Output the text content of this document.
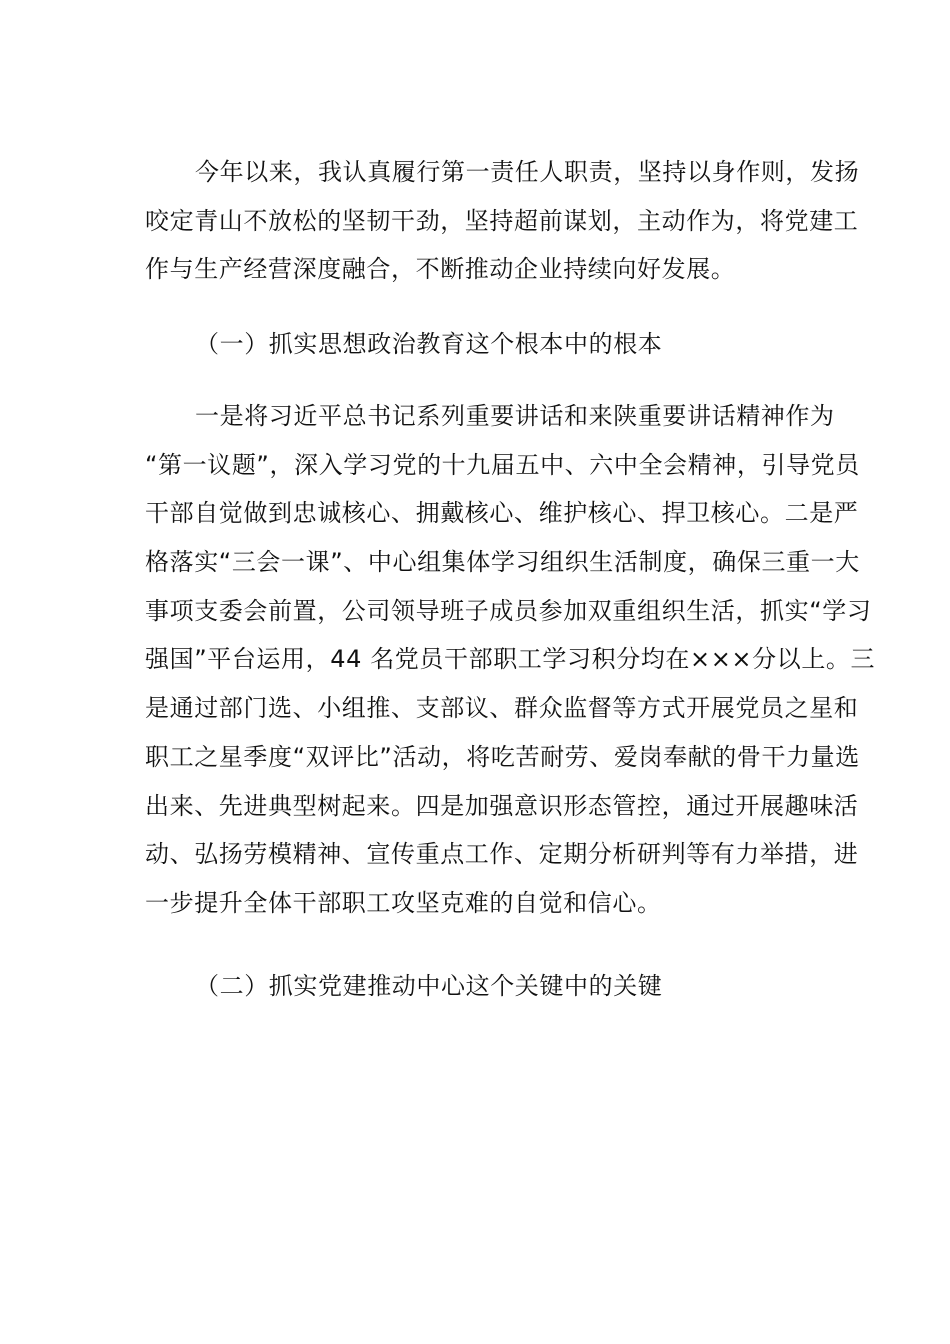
今年以来，我认真履行第一责任人职责，坚持以身作则，发扬
咬定青山不放松的坚韧干劲，坚持超前谋划，主动作为，将党建工
作与生产经营深度融合，不断推动企业持续向好发展。
（一）抓实思想政治教育这个根本中的根本
一是将习近平总书记系列重要讲话和来陕重要讲话精神作为
“第一议题”，深入学习党的十九届五中、六中全会精神，引导党员
干部自觉做到忠诚核心、拥戴核心、维护核心、捍卫核心。二是严
格落实“三会一课”、中心组集体学习组织生活制度，确保三重一大
事项支委会前置，公司领导班子成员参加双重组织生活，抓实“学习
强国”平台运用，44 名党员干部职工学习积分均在×××分以上。三
是通过部门选、小组推、支部议、群众监督等方式开展党员之星和
职工之星季度“双评比”活动，将吃苦耐劳、爱岗奉献的骨干力量选
出来、先进典型树起来。四是加强意识形态管控，通过开展趣味活
动、弘扬劳模精神、宣传重点工作、定期分析研判等有力举措，进
一步提升全体干部职工攻坚克难的自觉和信心。
（二）抓实党建推动中心这个关键中的关键
